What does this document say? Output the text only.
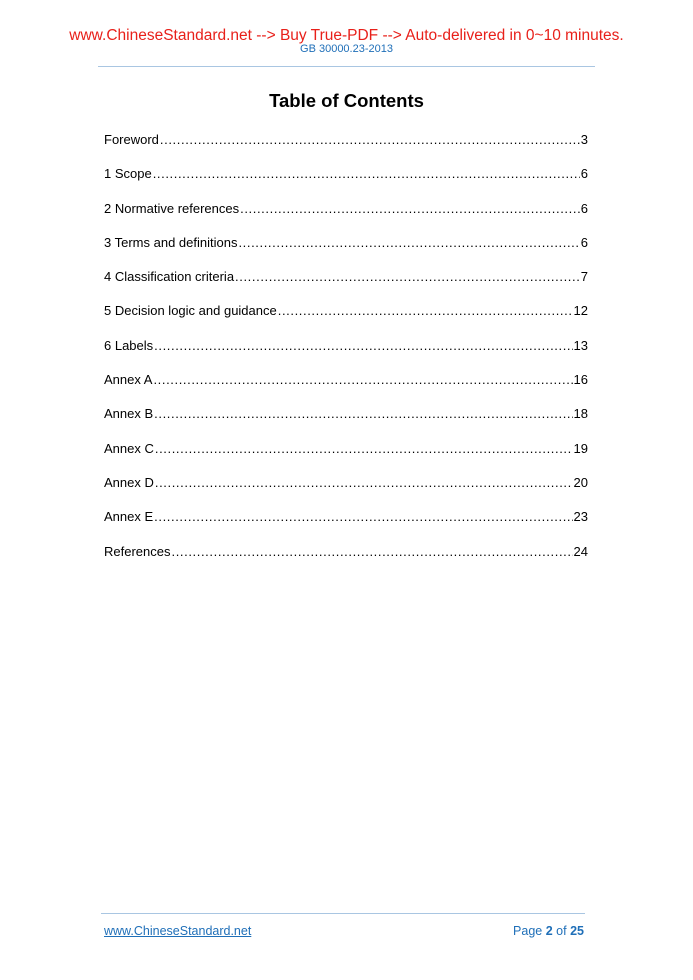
www.ChineseStandard.net --> Buy True-PDF --> Auto-delivered in 0~10 minutes.
GB 30000.23-2013
Table of Contents
Foreword .....	3
1 Scope .....	6
2 Normative references .....	6
3 Terms and definitions .....	6
4 Classification criteria .....	7
5 Decision logic and guidance .....	12
6 Labels .....	13
Annex A .....	16
Annex B .....	18
Annex C .....	19
Annex D .....	20
Annex E .....	23
References .....	24
www.ChineseStandard.net	Page 2 of 25
